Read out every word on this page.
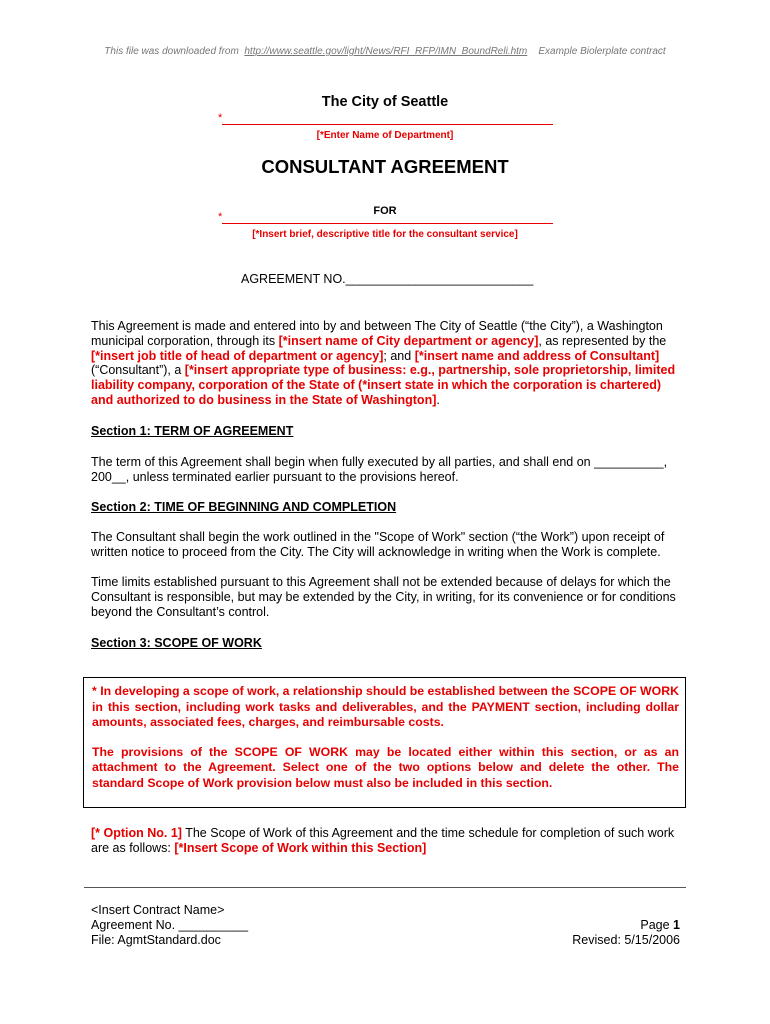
This file was downloaded from http://www.seattle.gov/light/News/RFI_RFP/IMN_BoundReli.htm Example Biolerplate contract
The City of Seattle
*
[*Enter Name of Department]
CONSULTANT AGREEMENT
FOR
*
[*Insert brief, descriptive title for the consultant service]
AGREEMENT NO.___________________________
This Agreement is made and entered into by and between The City of Seattle (“the City”), a Washington municipal corporation, through its [*insert name of City department or agency], as represented by the [*insert job title of head of department or agency]; and [*insert name and address of Consultant] (“Consultant”), a [*insert appropriate type of business: e.g., partnership, sole proprietorship, limited liability company, corporation of the State of (*insert state in which the corporation is chartered) and authorized to do business in the State of Washington].
Section 1: TERM OF AGREEMENT
The term of this Agreement shall begin when fully executed by all parties, and shall end on __________, 200__, unless terminated earlier pursuant to the provisions hereof.
Section 2: TIME OF BEGINNING AND COMPLETION
The Consultant shall begin the work outlined in the "Scope of Work" section (“the Work”) upon receipt of written notice to proceed from the City. The City will acknowledge in writing when the Work is complete.
Time limits established pursuant to this Agreement shall not be extended because of delays for which the Consultant is responsible, but may be extended by the City, in writing, for its convenience or for conditions beyond the Consultant’s control.
Section 3: SCOPE OF WORK

* In developing a scope of work, a relationship should be established between the SCOPE OF WORK in this section, including work tasks and deliverables, and the PAYMENT section, including dollar amounts, associated fees, charges, and reimbursable costs.

The provisions of the SCOPE OF WORK may be located either within this section, or as an attachment to the Agreement. Select one of the two options below and delete the other. The standard Scope of Work provision below must also be included in this section.

[* Option No. 1] The Scope of Work of this Agreement and the time schedule for completion of such work are as follows: [*Insert Scope of Work within this Section]
<Insert Contract Name>
Agreement No. __________
File: AgmtStandard.doc
Page 1
Revised: 5/15/2006
